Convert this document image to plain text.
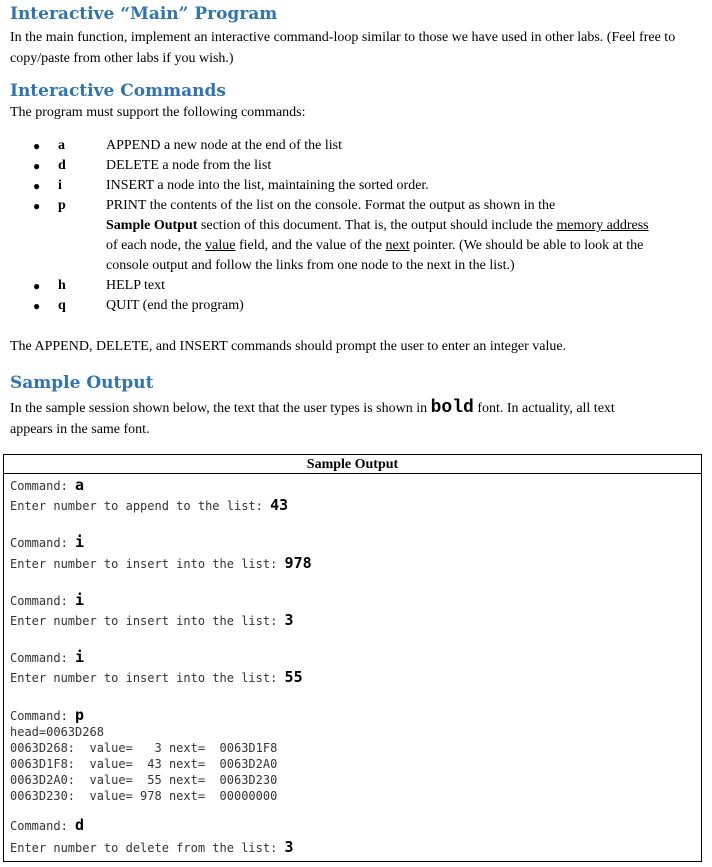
Interactive “Main” Program

In the main function, implement an interactive command-loop similar to those we have used in other labs. (Feel free to copy/paste from other labs if you wish.)

Interactive Commands

The program must support the following commands:

● a	APPEND a new node at the end of the list
● d	DELETE a node from the list
● i	INSERT a node into the list, maintaining the sorted order.
● p	PRINT the contents of the list on the console. Format the output as shown in the
Sample Output section of this document. That is, the output should include the memory address
of each node, the value field, and the value of the next pointer. (We should be able to look at the
console output and follow the links from one node to the next in the list.)
● h	HELP text
● q	QUIT (end the program)

The APPEND, DELETE, and INSERT commands should prompt the user to enter an integer value.

Sample Output

In the sample session shown below, the text that the user types is shown in bold font. In actuality, all text
appears in the same font.

Sample Output
Command: a
Enter number to append to the list: 43
Command: i
Enter number to insert into the list: 978
Command: i
Enter number to insert into the list: 3
Command: i
Enter number to insert into the list: 55
Command: p
head=0063D268
0063D268:  value=   3 next=  0063D1F8
0063D1F8:  value=  43 next=  0063D2A0
0063D2A0:  value=  55 next=  0063D230
0063D230:  value= 978 next=  00000000
Command: d
Enter number to delete from the list: 3
